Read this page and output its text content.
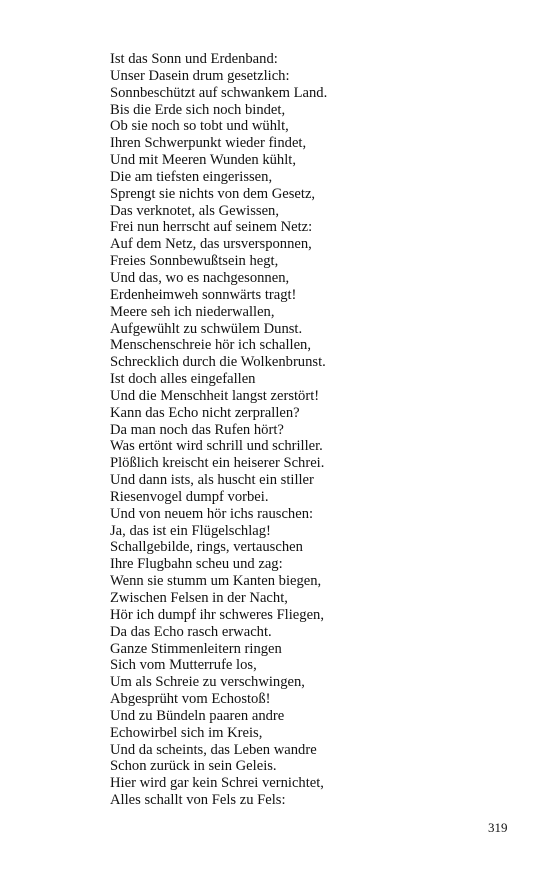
Ist das Sonn und Erdenband:
Unser Dasein drum gesetzlich:
Sonnbeschützt auf schwankem Land.
Bis die Erde sich noch bindet,
Ob sie noch so tobt und wühlt,
Ihren Schwerpunkt wieder findet,
Und mit Meeren Wunden kühlt,
Die am tiefsten eingerissen,
Sprengt sie nichts von dem Gesetz,
Das verknotet, als Gewissen,
Frei nun herrscht auf seinem Netz:
Auf dem Netz, das ursversponnen,
Freies Sonnbewußtsein hegt,
Und das, wo es nachgesonnen,
Erdenheimweh sonnwärts tragt!
Meere seh ich niederwallen,
Aufgewühlt zu schwülem Dunst.
Menschenschreie hör ich schallen,
Schrecklich durch die Wolkenbrunst.
Ist doch alles eingefallen
Und die Menschheit langst zerstört!
Kann das Echo nicht zerprallen?
Da man noch das Rufen hört?
Was ertönt wird schrill und schriller.
Plößlich kreischt ein heiserer Schrei.
Und dann ists, als huscht ein stiller
Riesenvogel dumpf vorbei.
Und von neuem hör ichs rauschen:
Ja, das ist ein Flügelschlag!
Schallgebilde, rings, vertauschen
Ihre Flugbahn scheu und zag:
Wenn sie stumm um Kanten biegen,
Zwischen Felsen in der Nacht,
Hör ich dumpf ihr schweres Fliegen,
Da das Echo rasch erwacht.
Ganze Stimmenleitern ringen
Sich vom Mutterrufe los,
Um als Schreie zu verschwingen,
Abgesprüht vom Echostoß!
Und zu Bündeln paaren andre
Echowirbel sich im Kreis,
Und da scheints, das Leben wandre
Schon zurück in sein Geleis.
Hier wird gar kein Schrei vernichtet,
Alles schallt von Fels zu Fels:
319
